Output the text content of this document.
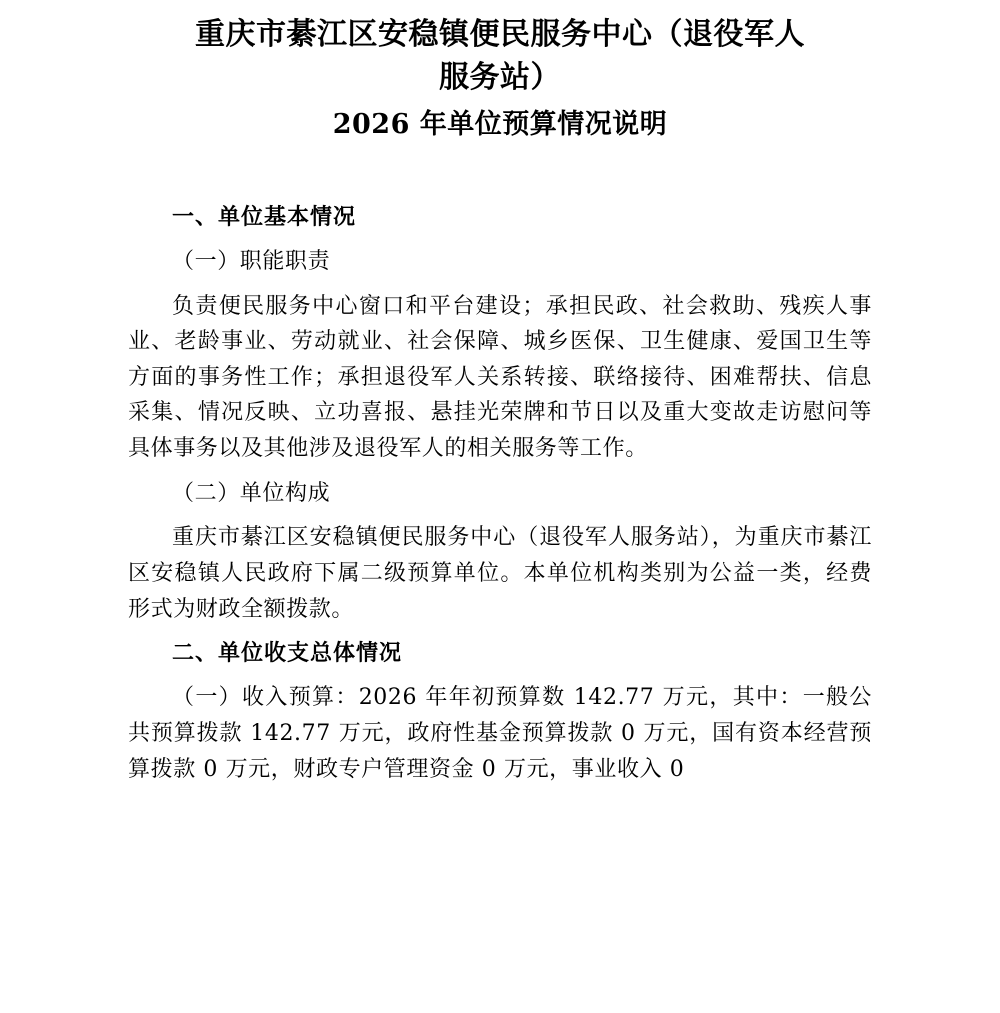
重庆市綦江区安稳镇便民服务中心（退役军人
服务站）
2026 年单位预算情况说明
一、单位基本情况

（一）职能职责

负责便民服务中心窗口和平台建设；承担民政、社会救助、残疾人事业、老龄事业、劳动就业、社会保障、城乡医保、卫生健康、爱国卫生等方面的事务性工作；承担退役军人关系转接、联络接待、困难帮扶、信息采集、情况反映、立功喜报、悬挂光荣牌和节日以及重大变故走访慰问等具体事务以及其他涉及退役军人的相关服务等工作。

（二）单位构成

重庆市綦江区安稳镇便民服务中心（退役军人服务站），为重庆市綦江区安稳镇人民政府下属二级预算单位。本单位机构类别为公益一类，经费形式为财政全额拨款。

二、单位收支总体情况

（一）收入预算：2026 年年初预算数 142.77 万元，其中：一般公共预算拨款 142.77 万元，政府性基金预算拨款 0 万元，国有资本经营预算拨款 0 万元，财政专户管理资金 0 万元，事业收入 0
